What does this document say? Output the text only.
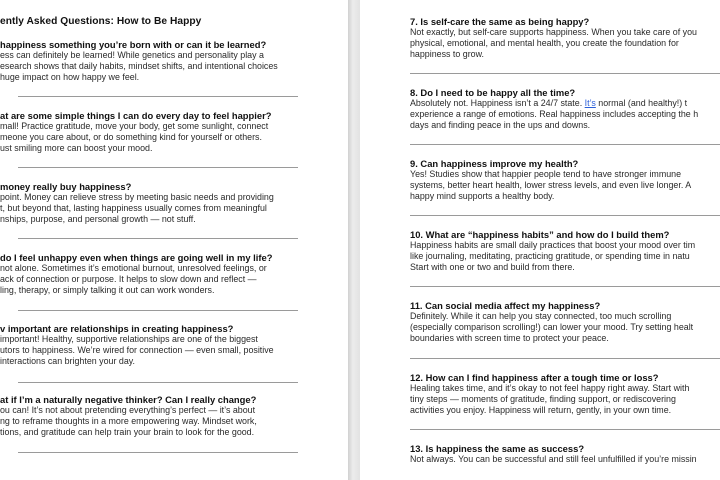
ently Asked Questions: How to Be Happy
happiness something you’re born with or can it be learned?
ess can definitely be learned! While genetics and personality play a
esearch shows that daily habits, mindset shifts, and intentional choices
huge impact on how happy we feel.
at are some simple things I can do every day to feel happier?
mall! Practice gratitude, move your body, get some sunlight, connect
meone you care about, or do something kind for yourself or others.
ust smiling more can boost your mood.
money really buy happiness?
point. Money can relieve stress by meeting basic needs and providing
t, but beyond that, lasting happiness usually comes from meaningful
nships, purpose, and personal growth — not stuff.
do I feel unhappy even when things are going well in my life?
not alone. Sometimes it’s emotional burnout, unresolved feelings, or
ack of connection or purpose. It helps to slow down and reflect —
ling, therapy, or simply talking it out can work wonders.
v important are relationships in creating happiness?
important! Healthy, supportive relationships are one of the biggest
utors to happiness. We’re wired for connection — even small, positive
interactions can brighten your day.
at if I’m a naturally negative thinker? Can I really change?
ou can! It’s not about pretending everything’s perfect — it’s about
ng to reframe thoughts in a more empowering way. Mindset work,
tions, and gratitude can help train your brain to look for the good.
7. Is self-care the same as being happy?
Not exactly, but self-care supports happiness. When you take care of you
physical, emotional, and mental health, you create the foundation for
happiness to grow.
8. Do I need to be happy all the time?
Absolutely not. Happiness isn’t a 24/7 state. It’s normal (and healthy!) t
experience a range of emotions. Real happiness includes accepting the h
days and finding peace in the ups and downs.
9. Can happiness improve my health?
Yes! Studies show that happier people tend to have stronger immune
systems, better heart health, lower stress levels, and even live longer. A
happy mind supports a healthy body.
10. What are “happiness habits” and how do I build them?
Happiness habits are small daily practices that boost your mood over tim
like journaling, meditating, practicing gratitude, or spending time in natu
Start with one or two and build from there.
11. Can social media affect my happiness?
Definitely. While it can help you stay connected, too much scrolling
(especially comparison scrolling!) can lower your mood. Try setting healt
boundaries with screen time to protect your peace.
12. How can I find happiness after a tough time or loss?
Healing takes time, and it’s okay to not feel happy right away. Start with
tiny steps — moments of gratitude, finding support, or rediscovering
activities you enjoy. Happiness will return, gently, in your own time.
13. Is happiness the same as success?
Not always. You can be successful and still feel unfulfilled if you’re missin
